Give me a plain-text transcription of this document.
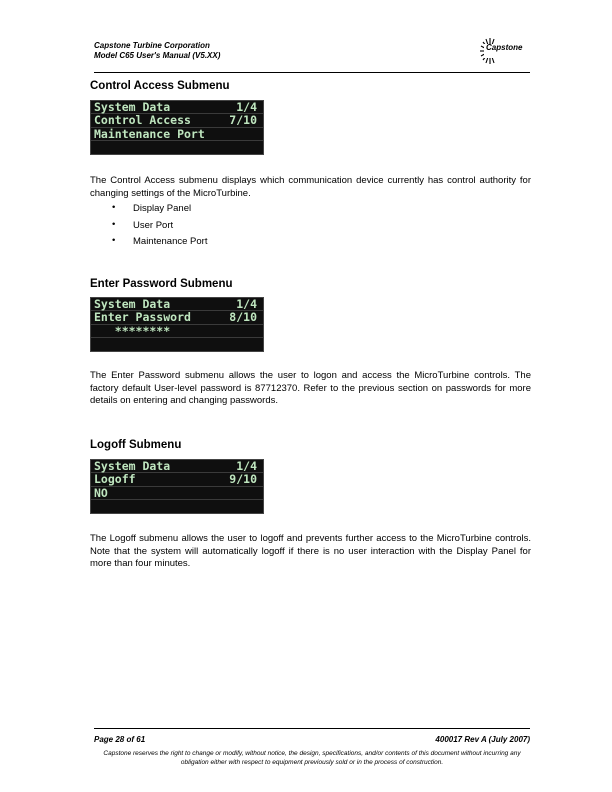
Capstone Turbine Corporation
Model C65 User's Manual (V5.XX)
Capstone
Control Access Submenu
System Data	1/4
Control Access	7/10
Maintenance Port
The Control Access submenu displays which communication device currently has control authority for changing settings of the MicroTurbine.
• Display Panel
• User Port
• Maintenance Port
Enter Password Submenu
System Data	1/4
Enter Password	8/10
********
The Enter Password submenu allows the user to logon and access the MicroTurbine controls. The factory default User-level password is 87712370. Refer to the previous section on passwords for more details on entering and changing passwords.
Logoff Submenu
System Data	1/4
Logoff	9/10
NO
The Logoff submenu allows the user to logoff and prevents further access to the MicroTurbine controls. Note that the system will automatically logoff if there is no user interaction with the Display Panel for more than four minutes.
Page 28 of 61	400017 Rev A (July 2007)
Capstone reserves the right to change or modify, without notice, the design, specifications, and/or contents of this document without incurring any obligation either with respect to equipment previously sold or in the process of construction.
